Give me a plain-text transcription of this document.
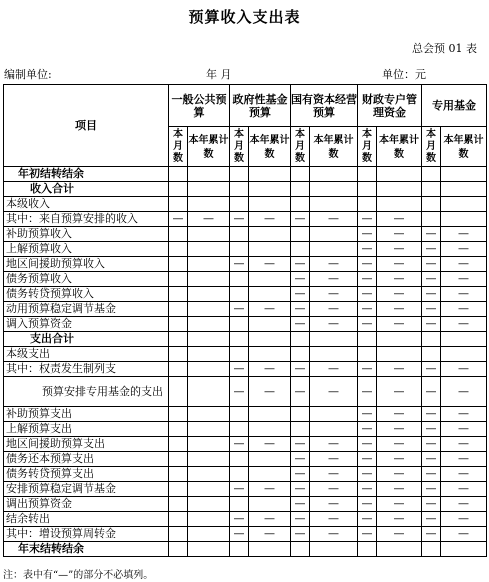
预算收入支出表
总会预 01 表
编制单位:	年 月	单位：元
项目	一般公共预算		政府性基金预算		国有资本经营预算		财政专户管理资金		专用基金	
	本月数	本年累计数	本月数	本年累计数	本月数	本年累计数	本月数	本年累计数	本月数	本年累计数
年初结转结余										
收入合计										
本级收入										
其中：来自预算安排的收入	—	—	—	—	—	—	—	—		
补助预算收入							—	—	—	—
上解预算收入							—	—	—	—
地区间援助预算收入			—	—	—	—	—	—	—	—
债务预算收入					—	—	—	—	—	—
债务转贷预算收入					—	—	—	—	—	—
动用预算稳定调节基金			—	—	—	—	—	—	—	—
调入预算资金					—	—	—	—	—	—
支出合计										
本级支出										
其中：权责发生制列支			—	—	—	—	—	—	—	—
预算安排专用基金的支出			—	—	—	—	—	—	—	—
补助预算支出							—	—	—	—
上解预算支出							—	—	—	—
地区间援助预算支出			—	—	—	—	—	—	—	—
债务还本预算支出					—	—	—	—	—	—
债务转贷预算支出					—	—	—	—	—	—
安排预算稳定调节基金			—	—	—	—	—	—	—	—
调出预算资金					—	—	—	—	—	—
结余转出			—	—	—	—	—	—	—	—
其中：增设预算周转金			—	—	—	—	—	—	—	—
年末结转结余										
注：表中有“—”的部分不必填列。
